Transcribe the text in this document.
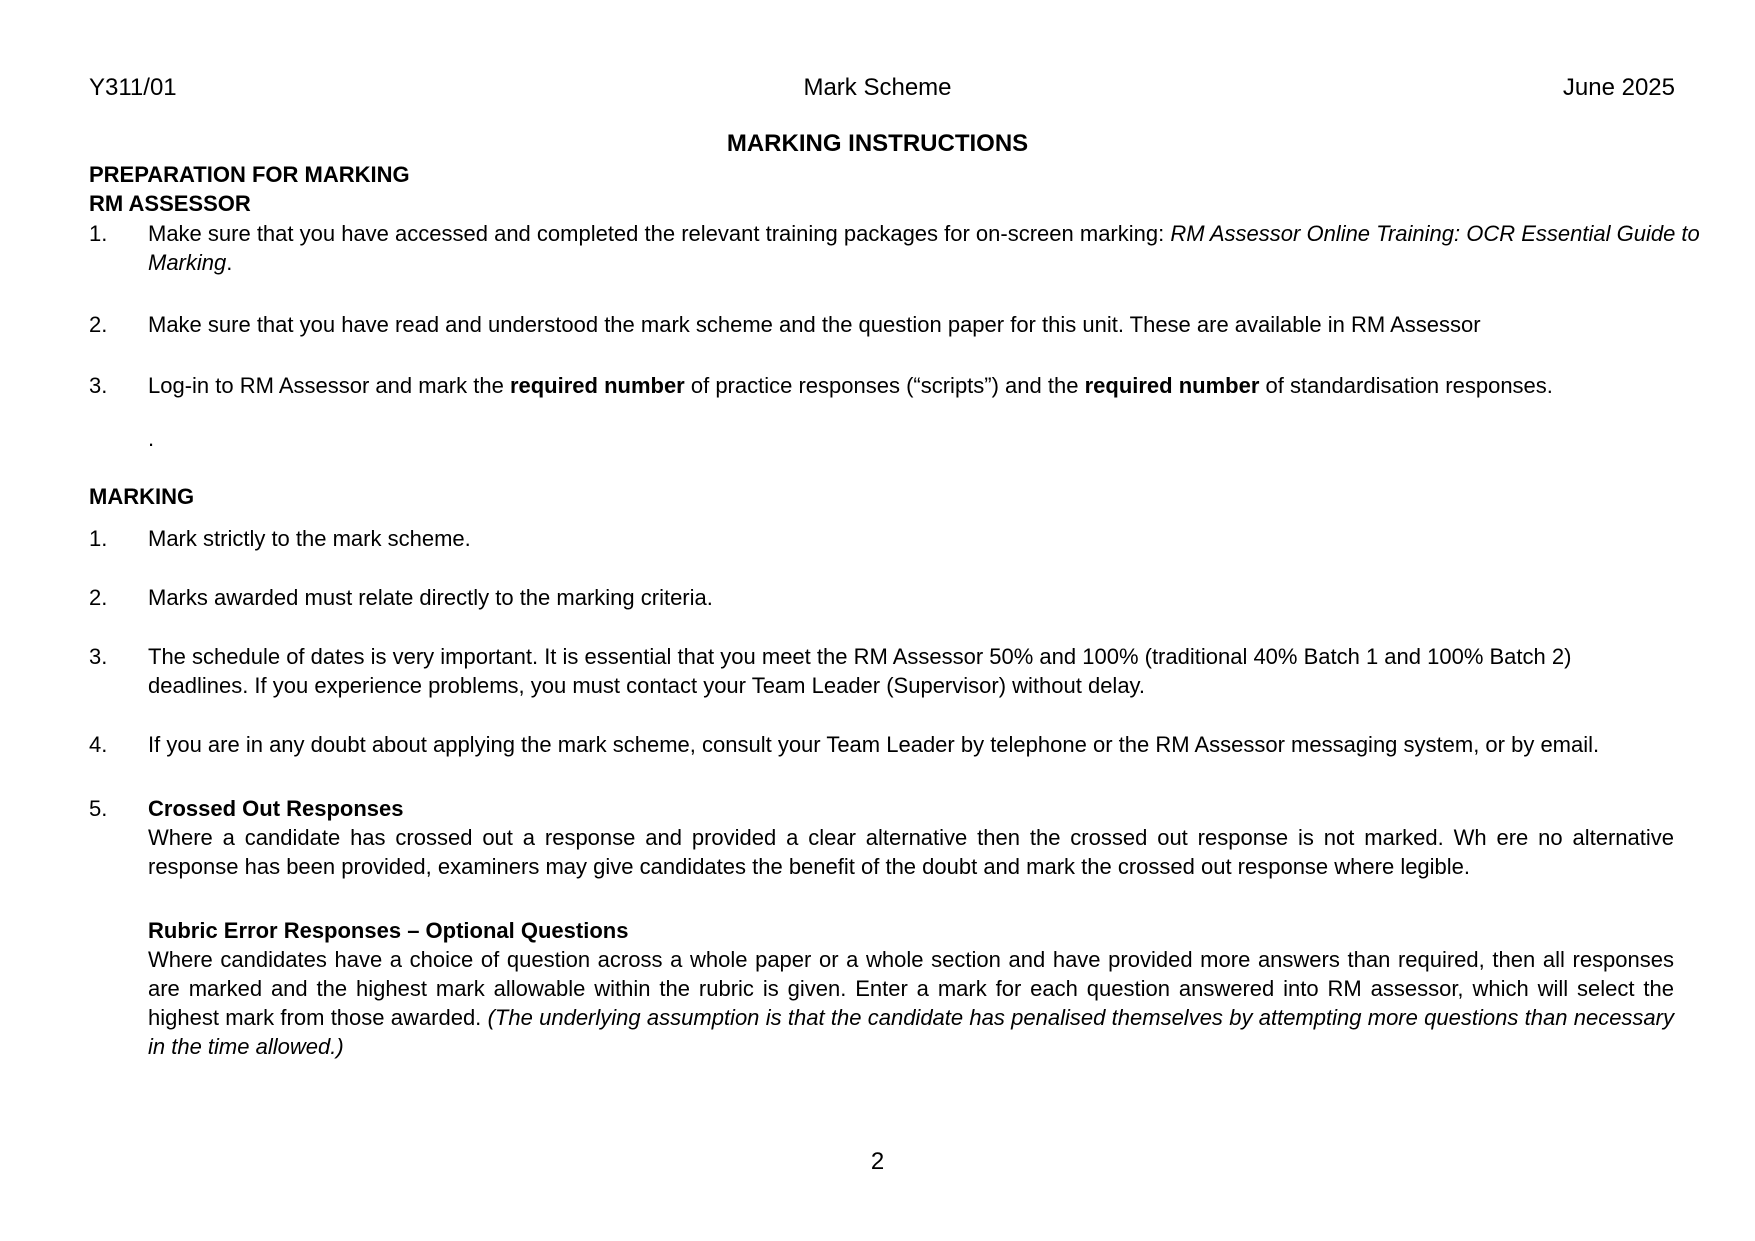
Y311/01	Mark Scheme	June 2025
MARKING INSTRUCTIONS
PREPARATION FOR MARKING
RM ASSESSOR
1. Make sure that you have accessed and completed the relevant training packages for on-screen marking: RM Assessor Online Training: OCR Essential Guide to Marking.
2. Make sure that you have read and understood the mark scheme and the question paper for this unit. These are available in RM Assessor
3. Log-in to RM Assessor and mark the required number of practice responses (“scripts”) and the required number of standardisation responses.
.
MARKING
1. Mark strictly to the mark scheme.
2. Marks awarded must relate directly to the marking criteria.
3. The schedule of dates is very important. It is essential that you meet the RM Assessor 50% and 100% (traditional 40% Batch 1 and 100% Batch 2) deadlines. If you experience problems, you must contact your Team Leader (Supervisor) without delay.
4. If you are in any doubt about applying the mark scheme, consult your Team Leader by telephone or the RM Assessor messaging system, or by email.
5. Crossed Out Responses
Where a candidate has crossed out a response and provided a clear alternative then the crossed out response is not marked. Wh ere no alternative response has been provided, examiners may give candidates the benefit of the doubt and mark the crossed out response where legible.
Rubric Error Responses – Optional Questions
Where candidates have a choice of question across a whole paper or a whole section and have provided more answers than required, then all responses are marked and the highest mark allowable within the rubric is given. Enter a mark for each question answered into RM assessor, which will select the highest mark from those awarded. (The underlying assumption is that the candidate has penalised themselves by attempting more questions than necessary in the time allowed.)
2
